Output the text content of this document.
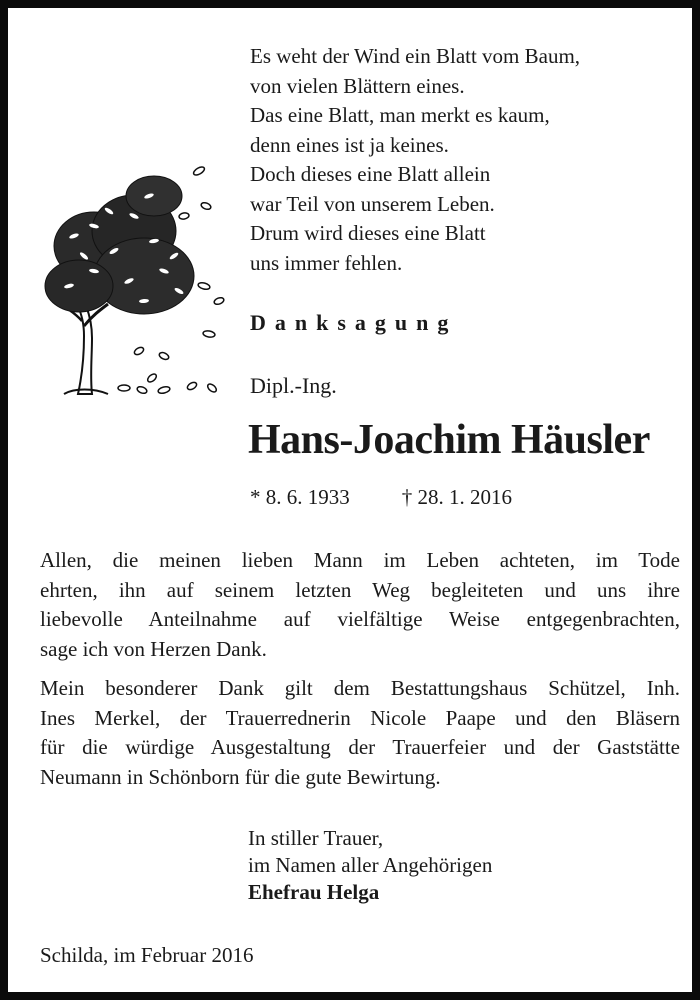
Es weht der Wind ein Blatt vom Baum,
von vielen Blättern eines.
Das eine Blatt, man merkt es kaum,
denn eines ist ja keines.
Doch dieses eine Blatt allein
war Teil von unserem Leben.
Drum wird dieses eine Blatt
uns immer fehlen.
Danksagung
Dipl.-Ing.
Hans-Joachim Häusler
* 8. 6. 1933 † 28. 1. 2016
Allen, die meinen lieben Mann im Leben achteten, im Tode
ehrten, ihn auf seinem letzten Weg begleiteten und uns ihre
liebevolle Anteilnahme auf vielfältige Weise entgegenbrachten,
sage ich von Herzen Dank.
Mein besonderer Dank gilt dem Bestattungshaus Schützel, Inh.
Ines Merkel, der Trauerrednerin Nicole Paape und den Bläsern
für die würdige Ausgestaltung der Trauerfeier und der Gaststätte
Neumann in Schönborn für die gute Bewirtung.
In stiller Trauer,
im Namen aller Angehörigen
Ehefrau Helga
Schilda, im Februar 2016
